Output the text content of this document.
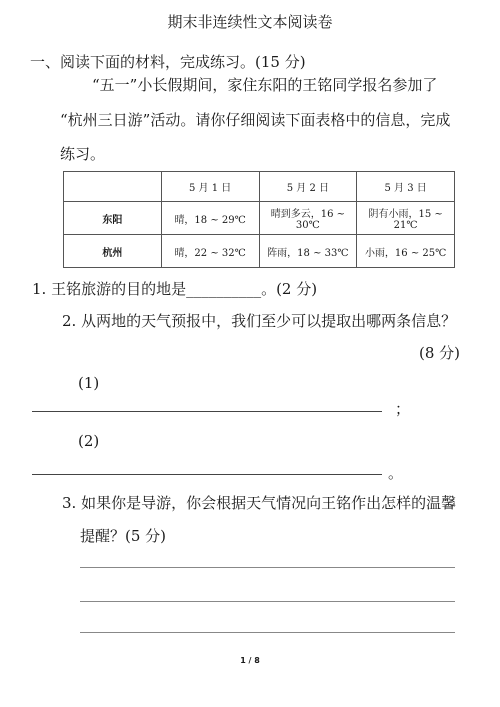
期末非连续性文本阅读卷
一、阅读下面的材料，完成练习。(15 分)
“五一”小长假期间，家住东阳的王铭同学报名参加了
“杭州三日游”活动。请你仔细阅读下面表格中的信息，完成
练习。
	5 月 1 日	5 月 2 日	5 月 3 日
东阳	晴，18 ~ 29℃	晴到多云，16 ~ 30℃	阴有小雨，15 ~ 21℃
杭州	晴，22 ~ 32℃	阵雨，18 ~ 33℃	小雨，16 ~ 25℃
1. 王铭旅游的目的地是__________。(2 分)
2. 从两地的天气预报中，我们至少可以提取出哪两条信息？
(8 分)
(1)
；
(2)
。
3. 如果你是导游，你会根据天气情况向王铭作出怎样的温馨
提醒？(5 分)
1 / 8
